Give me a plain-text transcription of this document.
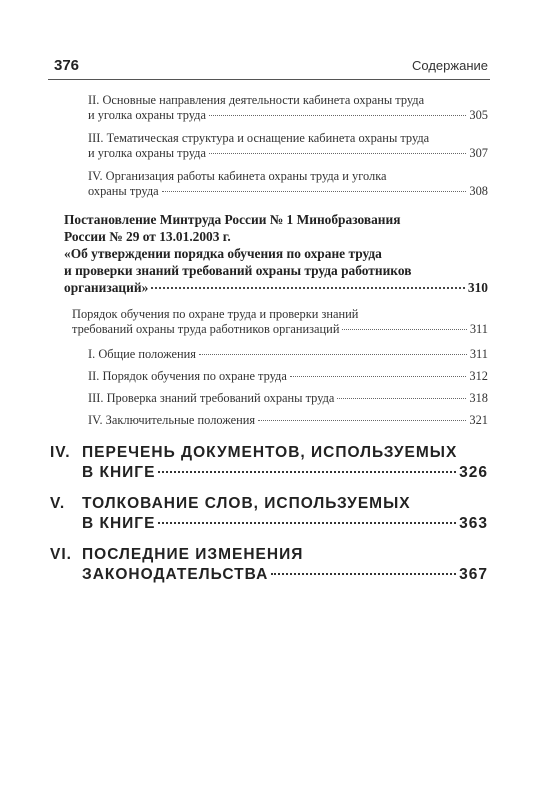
376	Содержание
II. Основные направления деятельности кабинета охраны труда
и уголка охраны труда	305
III. Тематическая структура и оснащение кабинета охраны труда
и уголка охраны труда	307
IV. Организация работы кабинета охраны труда и уголка
охраны труда	308
Постановление Минтруда России № 1 Минобразования
России № 29 от 13.01.2003 г.
«Об утверждении порядка обучения по охране труда
и проверки знаний требований охраны труда работников
организаций»	310
Порядок обучения по охране труда и проверки знаний
требований охраны труда работников организаций	311
I. Общие положения	311
II. Порядок обучения по охране труда	312
III. Проверка знаний требований охраны труда	318
IV. Заключительные положения	321
IV. ПЕРЕЧЕНЬ ДОКУМЕНТОВ, ИСПОЛЬЗУЕМЫХ
В КНИГЕ	326
V.	ТОЛКОВАНИЕ СЛОВ, ИСПОЛЬЗУЕМЫХ
В КНИГЕ	363
VI. ПОСЛЕДНИЕ ИЗМЕНЕНИЯ
ЗАКОНОДАТЕЛЬСТВА	367
